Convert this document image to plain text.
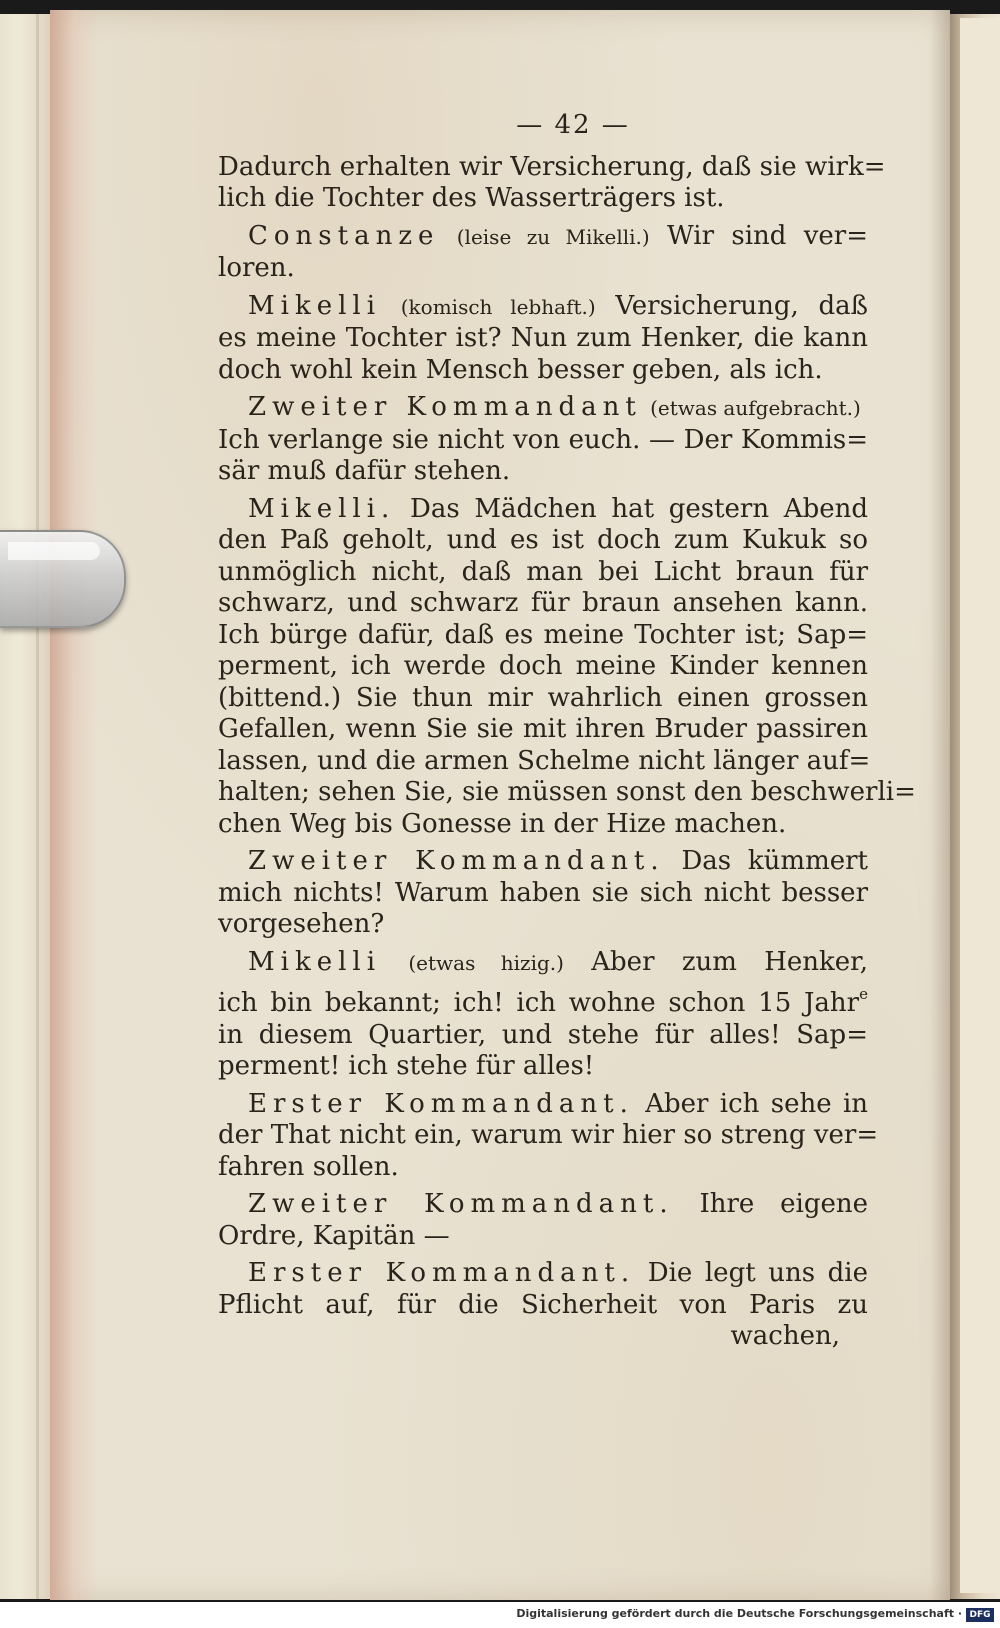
— 42 —
Dadurch erhalten wir Versicherung, daß sie wirk=
lich die Tochter des Wasserträgers ist.
Constanze (leise zu Mikelli.) Wir sind ver=
loren.
Mikelli (komisch lebhaft.) Versicherung, daß
es meine Tochter ist? Nun zum Henker, die kann
doch wohl kein Mensch besser geben, als ich.
Zweiter Kommandant (etwas aufgebracht.)
Ich verlange sie nicht von euch. — Der Kommis=
sär muß dafür stehen.
Mikelli. Das Mädchen hat gestern Abend
den Paß geholt, und es ist doch zum Kukuk so
unmöglich nicht, daß man bei Licht braun für
schwarz, und schwarz für braun ansehen kann.
Ich bürge dafür, daß es meine Tochter ist; Sap=
perment, ich werde doch meine Kinder kennen
(bittend.) Sie thun mir wahrlich einen grossen
Gefallen, wenn Sie sie mit ihren Bruder passiren
lassen, und die armen Schelme nicht länger auf=
halten; sehen Sie, sie müssen sonst den beschwerli=
chen Weg bis Gonesse in der Hize machen.
Zweiter Kommandant. Das kümmert
mich nichts! Warum haben sie sich nicht besser
vorgesehen?
Mikelli (etwas hizig.) Aber zum Henker,
ich bin bekannt; ich! ich wohne schon 15 Jahr$^e$
in diesem Quartier, und stehe für alles! Sap=
perment! ich stehe für alles!
Erster Kommandant. Aber ich sehe in
der That nicht ein, warum wir hier so streng ver=
fahren sollen.
Zweiter Kommandant. Ihre eigene
Ordre, Kapitän —
Erster Kommandant. Die legt uns die
Pflicht auf, für die Sicherheit von Paris zu
wachen,
Digitalisierung gefördert durch die Deutsche Forschungsgemeinschaft · DFG
